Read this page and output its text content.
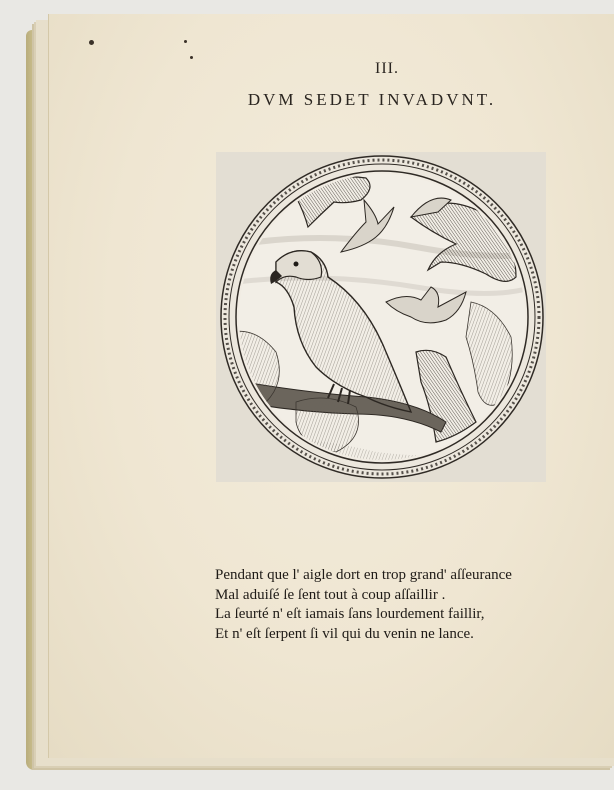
III.
DVM SEDET INVADVNT.
Pendant que l' aigle dort en trop grand' aſſeurance
Mal aduiſé ſe ſent tout à coup aſſaillir .
La ſeurté n' eſt iamais ſans lourdement faillir,
Et n' eſt ſerpent ſi vil qui du venin ne lance.
